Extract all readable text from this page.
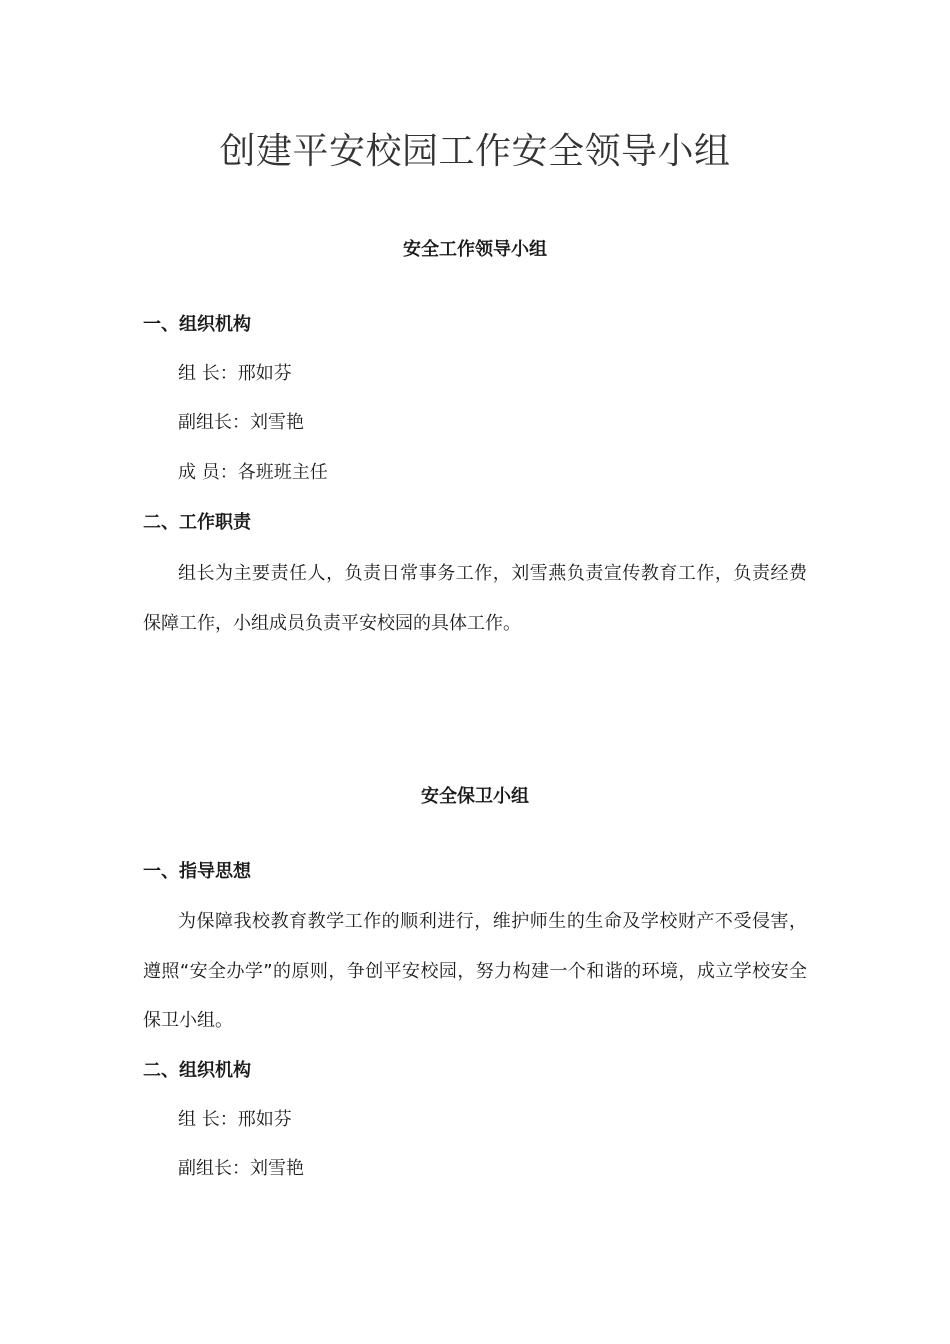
创建平安校园工作安全领导小组
安全工作领导小组
一、组织机构

组 长：邢如芬

副组长：刘雪艳

成 员：各班班主任

二、工作职责

组长为主要责任人，负责日常事务工作，刘雪燕负责宣传教育工作，负责经费保障工作，小组成员负责平安校园的具体工作。

安全保卫小组
一、指导思想

为保障我校教育教学工作的顺利进行，维护师生的生命及学校财产不受侵害，遵照“安全办学”的原则，争创平安校园，努力构建一个和谐的环境，成立学校安全保卫小组。

二、组织机构

组 长：邢如芬

副组长：刘雪艳
